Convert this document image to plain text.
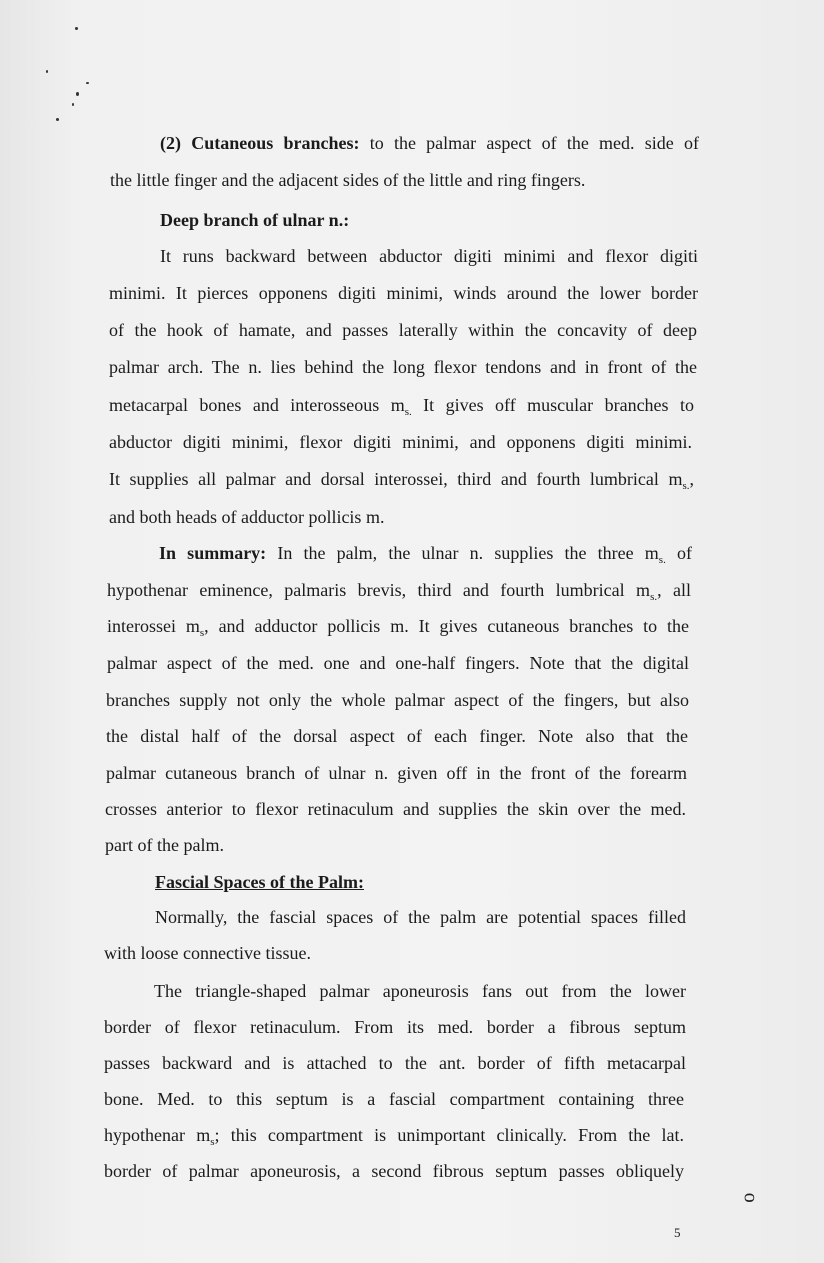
(2) Cutaneous branches: to the palmar aspect of the med. side of
the little finger and the adjacent sides of the little and ring fingers.
Deep branch of ulnar n.:
It runs backward between abductor digiti minimi and flexor digiti
minimi. It pierces opponens digiti minimi, winds around the lower border
of the hook of hamate, and passes laterally within the concavity of deep
palmar arch. The n. lies behind the long flexor tendons and in front of the
metacarpal bones and interosseous $m_{s.}$ It gives off muscular branches to
abductor digiti minimi, flexor digiti minimi, and opponens digiti minimi.
It supplies all palmar and dorsal interossei, third and fourth lumbrical $m_{s.}$,
and both heads of adductor pollicis m.
In summary: In the palm, the ulnar n. supplies the three $m_{s.}$ of
hypothenar eminence, palmaris brevis, third and fourth lumbrical $m_{s.}$, all
interossei $m_s$, and adductor pollicis m. It gives cutaneous branches to the
palmar aspect of the med. one and one-half fingers. Note that the digital
branches supply not only the whole palmar aspect of the fingers, but also
the distal half of the dorsal aspect of each finger. Note also that the
palmar cutaneous branch of ulnar n. given off in the front of the forearm
crosses anterior to flexor retinaculum and supplies the skin over the med.
part of the palm.
Fascial Spaces of the Palm:
Normally, the fascial spaces of the palm are potential spaces filled
with loose connective tissue.
The triangle-shaped palmar aponeurosis fans out from the lower
border of flexor retinaculum. From its med. border a fibrous septum
passes backward and is attached to the ant. border of fifth metacarpal
bone. Med. to this septum is a fascial compartment containing three
hypothenar $m_s$; this compartment is unimportant clinically. From the lat.
border of palmar aponeurosis, a second fibrous septum passes obliquely
ᴑ
5
